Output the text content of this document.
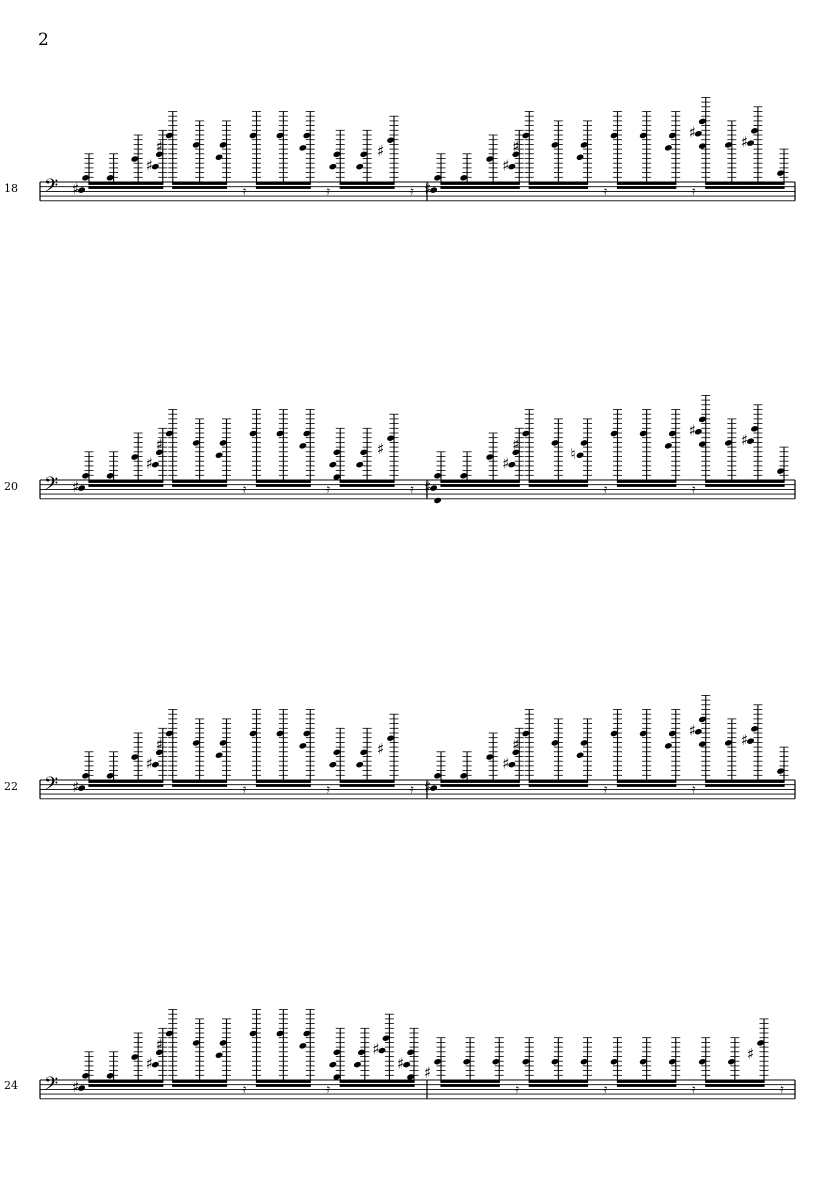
2
18
20
22
24
𝄢 ♯
♯
♯
𝄿	𝄿
♯
𝄿 ♯
♯
♯
𝄿	𝄿
♯
♯
𝄢 ♯
♯
♯
𝄿	𝄿
♯
𝄿 ♯
♯
♯
♮
𝄿	𝄿
♯
♯
𝄢 ♯
♯
♯
𝄿	𝄿
♯
𝄿 ♯
♯
♯
𝄿	𝄿
♯
♯
𝄢 ♯
♯
♯
𝄿	𝄿
♯
♯
♯
𝄿	𝄿	𝄿
♯
𝄿
